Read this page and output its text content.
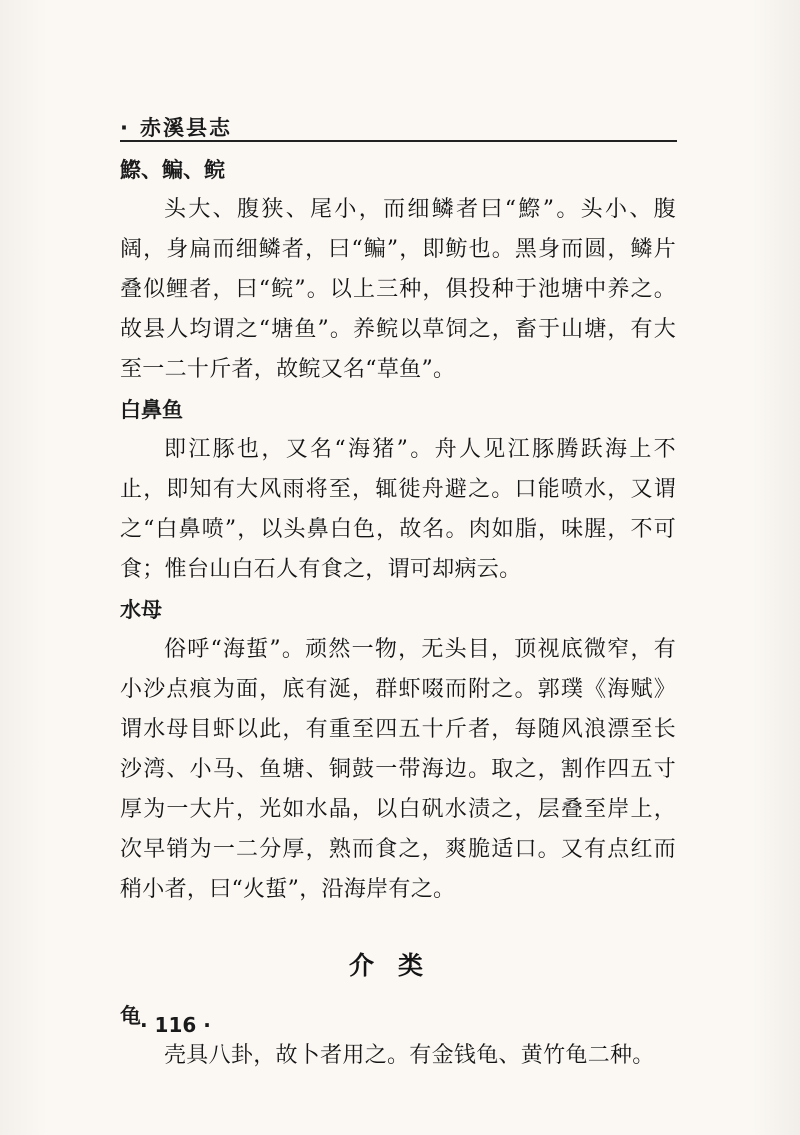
· 赤溪县志

鰶、鳊、鲩

头大、腹狭、尾小，而细鳞者曰“鰶”。头小、腹阔，身扁而细鳞者，曰“鳊”，即鲂也。黑身而圆，鳞片叠似鲤者，曰“鲩”。以上三种，俱投种于池塘中养之。故县人均谓之“塘鱼”。养鲩以草饲之，畜于山塘，有大至一二十斤者，故鲩又名“草鱼”。

白鼻鱼

即江豚也，又名“海猪”。舟人见江豚腾跃海上不止，即知有大风雨将至，辄徙舟避之。口能喷水，又谓之“白鼻喷”，以头鼻白色，故名。肉如脂，味腥，不可食；惟台山白石人有食之，谓可却病云。

水母

俗呼“海蜇”。顽然一物，无头目，顶视底微窄，有小沙点痕为面，底有涎，群虾啜而附之。郭璞《海赋》谓水母目虾以此，有重至四五十斤者，每随风浪漂至长沙湾、小马、鱼塘、铜鼓一带海边。取之，割作四五寸厚为一大片，光如水晶，以白矾水渍之，层叠至岸上，次早销为一二分厚，熟而食之，爽脆适口。又有点红而稍小者，曰“火蜇”，沿海岸有之。

介类

龟

壳具八卦，故卜者用之。有金钱龟、黄竹龟二种。

· 116 ·
